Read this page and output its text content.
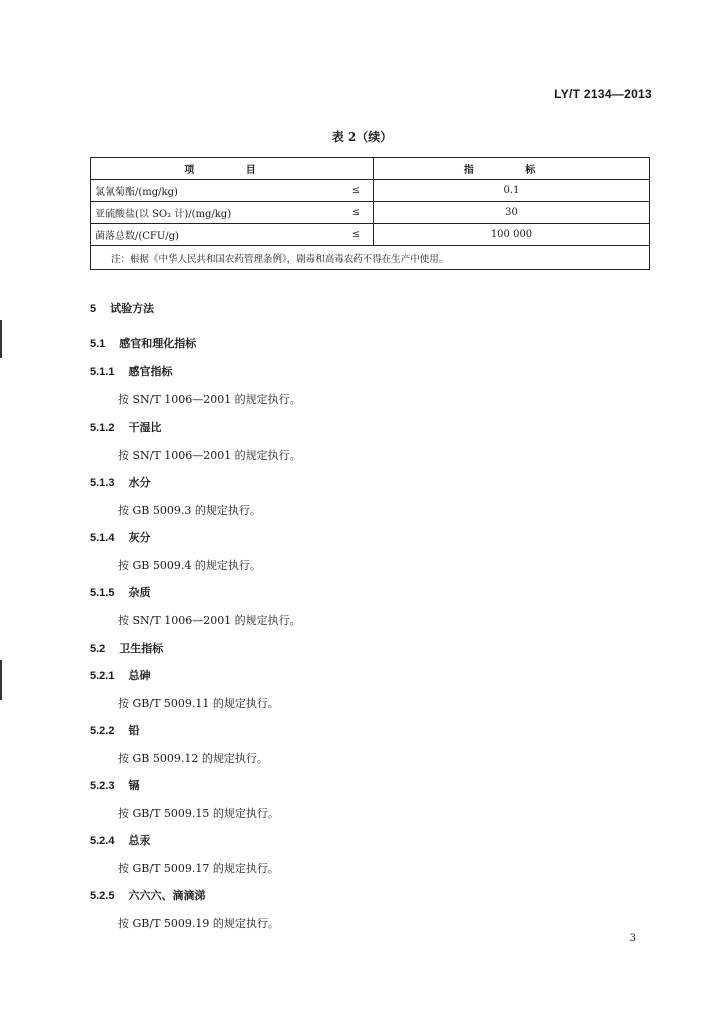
LY/T 2134—2013
表 2（续）
项 目		指 标
氯氰菊酯/(mg/kg)	≤	0.1
亚硫酸盐(以 SO₂ 计)/(mg/kg)	≤	30
菌落总数/(CFU/g)	≤	100 000
注：根据《中华人民共和国农药管理条例》，剧毒和高毒农药不得在生产中使用。		
5 试验方法
5.1 感官和理化指标
5.1.1 感官指标
按 SN/T 1006—2001 的规定执行。
5.1.2 干湿比
按 SN/T 1006—2001 的规定执行。
5.1.3 水分
按 GB 5009.3 的规定执行。
5.1.4 灰分
按 GB 5009.4 的规定执行。
5.1.5 杂质
按 SN/T 1006—2001 的规定执行。
5.2 卫生指标
5.2.1 总砷
按 GB/T 5009.11 的规定执行。
5.2.2 铅
按 GB 5009.12 的规定执行。
5.2.3 镉
按 GB/T 5009.15 的规定执行。
5.2.4 总汞
按 GB/T 5009.17 的规定执行。
5.2.5 六六六、滴滴涕
按 GB/T 5009.19 的规定执行。
3
